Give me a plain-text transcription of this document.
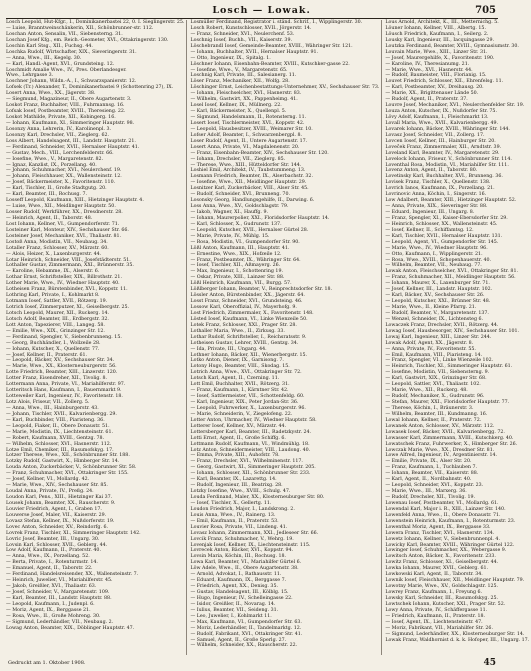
Losch — Lowak.	705
Losch Leopold, Hut-Kfgr., I., Dominikanerbastei 22, 0. I. Sieglingerstr. 25.
— Luise, Branntweinschänkerin, XII., Schönbrunner-str. 112.
Loschan Anton, Sensalin, VII., Siebensterng. 31.
Loschan Josef Kfg., em. Reich.-Geometer, XVI., Ottakringerstr. 130.
Loschin Karl Stsg., XII., Fuchsg. 44.
Loschka Rudolf, Wirtschafter, XIX., Sieveringerstr. 31.
— Anna, Wwe., III., Kegelg. 30.
— Karl, Handl.-Agent, XVI., Grundsteing. 12.
Loschmidt Amalie Wwe., IV., Pres. Oberlandesger.
Wwe., Lehrgasse 3.
Loschner Johann, Wildn.-A., I., Schwarzspanierstr. 12.
Lofsek (Tr.) Alexander, T., Dominikanerbastei 9 (Schottenring 27), IX.
Losert Anna, Wwe., XX., Jägerstr. 38.
— Siegmund, Magazineur, II., Obere Augartenstr. 3.
Loskot Franz, Buchhalter, VIII., Fuhrmannsg. 16.
Lofsak Iosef, Postbeamter, XVIII., Theresieng. 22.
Loskot Mathilde, Private, XII., Kobingerg. 16.
— Iohann, Kaufmann, XI., Simmeringer Hauptstr. 98.
Losonzy Anna, Lehrerin, IV., Karolinenpl. 3.
Losonzy Karl, Drechsler, VII., Zieglerg. 62.
Loss Albert, Handelsagent, III., Landstr. Hauptstr. 21.
— Ferdinand, Schneider, XVII., Hernalser Hauptstr. 41.
— Gustav, Mech., VIII., Lerchenfelderstr. 66.
— Iosefine, Wwe., V., Margaretenstr. 82.
— Ignaz, Kanzlist, IX., Porzellang. 40.
— Johann, Schuhmacher, XVI., Neulerchenf. 19.
— Johann, Fleischhauer, XX., Wallensteinstr. 12.
— Josef, Bäckermeister, X., Favoritenstr. 110.
— Karl, Tischler, II., Große Stadtgutg. 20.
— Karl, Beamter, III., Rochusg. 7.
Losseff Leopold, Kaufmann, XIII., Hietzinger Hauptstr. 4.
— Luise, Wwe., XII., Meidlinger Hauptstr. 50.
Losser Rudolf, Werkführer, XX., Dresdnerstr. 28.
— Heinrich, Agent, II., Taborstr. 48.
Lost Iohann, Kellner, VI., Gumpendorferstr. 71.
Losteiner Karl, Monteur, XIV., Sechshauser Str. 66.
Losteiner Josef, Mechaniker, XVI., Thaliastr. 81.
Lostoß Anna, Modistin, VII., Neubaug. 34.
Lotaller Franz, Schlosser, XV., Märzstr. 60.
— Alois, Heizer, X., Laxenburgerstr. 44.
Lotar Heinrich, Schneider, VIII., Josefstädterstr. 51.
Lothaller Gustav, Zimmermann, XXI., Brünnerstr. 35.
— Karoline, Hebamme, IX., Alserstr. 6.
Lothar Ernst, Schriftsteller, XIX., Billrothstr. 21.
Lother Marie, Wwe., IV., Wiedner Hauptstr. 40.
Lotheisen Franz, Bürstenbinder, XVI., Koppstr. 11.
Lothring Karl, Private, I., Kohlmarkt 8.
Lotmann Iosef, Sattler, XVII., Rötzerg. 19.
Lotrich Iosef, Zimmerputzer, XI., Geiselbergstr. 25.
Lotsch Leopold, Maurer, XII., Ruckerg. 14.
Lotsch Adolf, Beamter, III., Erdbergstr. 32.
Lott Anton, Tapezierer, VIII., Langeg. 58.
— Emilie, Wwe., XIX., Grinzinger Str. 12.
— Ferdinand, Spengler, V., Siebenbrunneng. 15.
— Georg, Buchhändler, I., Wollzeile 28.
— Iohann, Kutscher, X., Quellenstr. 77.
— Josef, Kellner, II., Praterstr. 61.
— Leopold, Bäcker, XV., Sechshauser Str. 34.
— Marie, Wwe., XX., Klosterneuburgerstr. 56.
Lotte Friedrich, Beamter, XIII., Linzerstr. 120.
Lotter Franz, Eisendreher, XII., Tivolig. 8.
Lottermann Anna, Private, VI., Mariahilferstr. 97.
Lotteritsch Hans, Kaufmann, I., Bauernmarkt 9.
Lotteweiler Karl, Ingenieur, IV., Favoritenstr. 18.
Lotz Alois, Friseur, VII., Zollerg. 5.
— Anna, Wwe., III., Hainburgerstr. 43.
— Johann, Tischler, XVII., Kalvarienbergg. 29.
— Karl, Buchbinder, VIII., Piaristeng. 36.
— Leopold, Fiaker, II., Obere Donaustr. 51.
— Marie, Modistin, IX., Liechtensteinstr. 61.
— Robert, Kaufmann, XVIII., Gentzg. 78.
— Wilhelm, Schlosser, XVI., Hasnerstr. 112.
Lotze Emil, Chemiker, III., Rasumofskyg. 17.
Lotzer Therese, Wwe., XII., Schönbrunner Str. 188.
Lotzky Rudolf, Gastwirt, X., Himberger Str. 14.
Louda Anton, Zuckerbäcker, V., Schönbrunner Str. 58.
— Franz, Schuhmacher, XVI., Ottakringer Str. 155.
— Josef, Kellner, VI., Mollardg. 42.
— Marie, Wwe., XIV., Sechshauser Str. 85.
Loudal Anna, Private, IV., Preßg. 24.
Loudon Karl, Pens., XIII., Hietzinger Kai 37.
Lousek Johann, Beamter, XX., Rauscherstr. 9.
Louvier Friedrich, Agent, I., Graben 17.
Louwerse Josef, Maler, VII., Kaiserstr. 29.
Lovasz Stefan, Kellner, IX., Nußdorferstr. 19.
Lovec Anton, Schneider, XV., Reindorfg. 6.
Lovrek Franz, Tischler, XI., Simmeringer Hauptstr. 142.
Lovric Josef, Beamter, III., Ungarg. 30.
Lovsin Karl, Schlosser, XVII., Geblerg. 44.
Low Adolf, Kaufmann, II., Praterstr. 40.
— Anna, Wwe., IX., Porzellang. 52.
— Berta, Private, I., Rotenturmstr. 14.
— Emanuel, Agent, II., Taborstr. 22.
— Ferdinand, Handelsreisender, XX., Wallensteinstr. 7.
— Heinrich, Juwelier, VI., Mariahilferstr. 45.
— Jakob, Greißler, XVI., Thaliastr. 63.
— Josef, Schneider, V., Margaretenstr. 109.
— Karl, Beamter, III., Landstr. Hauptstr. 88.
— Leopold, Kaufmann, I., Judenpl. 6.
— Moriz, Agent, IX., Berggasse 21.
— Rosa, Wwe., II., Große Mohreng. 30.
— Sigmund, Lederhändler, VII., Neubaug. 2.
Lowag Anton, Beamter, XIX., Döblinger Hauptstr. 47.
Losmüller Ferdinand, Registrator i. ständ. Schrif., I., Wipplingerstr. 30.
Losch Robert, Kunstschlosser, XVII., Jörgerstr. 14.
— Franz, Schneider, XVI., Neulerchenf. 53.
Loschnig Iosef, Buchh., VII., Kaiserstr. 39.
Löschebrandl Iosef, Gemeinde-Beamter, XVIII., Währinger Str. 121.
— Iohann, Buchhalter, XVII., Hernalser Hauptstr. 91.
— Otto, Ingenieur, IX., Spitalg. 1.
Löschner Iohann, Eisenbahn-Beamter, XVIII., Kutschker-gasse 22.
— Iosefine, Wwe., V., Margaretenstr. 65.
Loschnig Karl, Private, III., Salesianerg. 11.
Löser Franz, Mechaniker, XII., Wolfg. 28.
Löschinger Ernst, Leichenbestattungs-Unternehmer, XV., Sechshauser Str. 73.
— Iohann, Fleischselcher, XVI., Hasnerstr. 83.
— Wilhelm, Gastwirt, XX., Pappenheimg. 41.
Losel Iosef, Kellner, IX., Müllnerg. 22.
— Karl, Bäckermeister, X., Quellenpl. 5.
— Sigmund, Handelsmann, II., Rotensterng. 11.
Losert Iosef, Tischlermeister, XVI., Koppstr. 42.
— Leopold, Hausbesitzer, XVIII., Weimarer Str. 10.
Lofser Adolf, Beamter, I., Schwarzenbergpl. 8.
Loser Rudolf, Agent, II., Untere Augartenstr. 17.
Losert Anna, Private, VI., Magdalenenstr. 20.
— Franz, Eisenbahn-Beamter, XIV., Sechshauser Str. 120.
— Iohann, Drechsler, VII., Zieglerg. 85.
— Therese, Wwe., XIII., Hütteldorfer Str. 144.
Loshiel Emil, Architekt, IV., Taubstummeng. 13.
Losmann Friedrich, Beamter, IX., Alserbachstr. 32.
— Iosefine, Wwe., XII., Meidlinger Hauptstr. 29.
Losnitzer Karl, Zuckerbäcker, VIII., Alser Str. 45.
— Rudolf, Schneider, XVI., Brunneng. 70.
Losonsky Georg, Handlungsgehilfe, II., Darwing. 6.
Loss Anna, Wwe., XV., Goldschlagstr. 79.
— Iakob, Wagner, XI., Hauffg. 9.
— Iohann, Maurerpolier, XXI., Floridsdorfer Hauptstr. 14.
— Karl, Schlosser, X., Gudrunstr. 137.
— Leopold, Kutscher, XVII., Hernalser Gürtel 28.
— Marie, Private, IV., Mühlg. 15.
— Rosa, Modistin, VI., Gumpendorfer Str. 90.
Lößl Anton, Kaufmann, III., Hauptstr. 41.
— Ernestine, Wwe., XIX., Hofzeile 12.
— Franz, Postbeamter, IX., Währinger Str. 64.
— Iosef, Tischler, XII., Aßmayerg. 26.
— Max, Ingenieur, I., Schottenring 19.
— Oskar, Private, XIII., Lainzer Str. 88.
Lößl Heinrich, Kaufmann, VII., Burgg. 57.
Lößlberger Iohann, Beamter, V., Reinprechtsdorfer Str. 18.
Lössler Anton, Bürstenbinder, XX., Jägerstr. 64.
Losst Franz, Schneider, XVI., Grundsteing. 46.
Lossow Karl, Oberoffizial, IV., Mayerhofg. 9.
Lost Friedrich, Zimmermaler, X., Favoritenstr. 148.
Lösted Iosef, Kaufmann, VI., Linke Wienzeile 50.
Lotek Franz, Schlosser, XXI., Prager Str. 28.
Lothaller Maria, Wwe., II., Zirkusg. 33.
Lothar Rudolf, Schriftsteller, I., Reichsratsstr. 9.
Lotheisen Gustav, Lehrer, XVIII., Gentzg. 34.
— Ida, Private, III., Ungarg. 44.
Lothner Iohann, Bäcker, XII., Wienerbergstr. 15.
Lotko Anton, Diener, IX., Garnisong. 7.
Lotony Hugo, Beamter, VIII., Skodag. 15.
Lotrich Anna, Wwe., XVI., Ottakringer Str. 72.
Lotsch Karl, Agent, II., Czerning. 11.
Lott Emil, Buchhalter, XVII., Rötzerg. 31.
— Franz, Kaufmann, I., Kärntner Str. 42.
— Iosef, Sattlermeister, VII., Schottenfeldg. 60.
— Karl, Ingenieur, XIX., Peter Jordan-Str. 36.
— Leopold, Fuhrwerker, X., Laxenburgerstr. 96.
— Marie, Schneiderin, V., Ziegelofeng. 22.
Lotter Anton, Uhrmacher, IV., Wiedner Hauptstr. 58.
Lotterer Iosef, Kellner, XV., Märzstr. 44.
Lottersberger Karl, Beamter, III., Radetzkystr. 24.
Lotti Ernst, Agent, II., Große Schiffg. 6.
Lottmann Rudolf, Kaufmann, VI., Windmühlg. 18.
Lotz Anton, Schneidermeister, VIII., Laudong. 40.
— Emma, Private, XIII., Auhofstr. 78.
— Franz, Drechsler, XVI., Wilhelminenstr. 117.
— Georg, Gastwirt, XI., Simmeringer Hauptstr. 205.
— Iohann, Schlosser, XII., Schönbrunner Str. 233.
— Karl, Beamter, IX., Lazarettg. 14.
— Rudolf, Ingenieur, III., Beatrixg. 28.
Lotzky Iosefine, Wwe., XVIII., Schulg. 47.
Louda Ferdinand, Maler, XX., Klosterneuburger Str. 80.
— Iosef, Tischler, X., Gellertg. 11.
Loudon Friedrich, Major, I., Landskrong. 2.
Louis Anna, Wwe., IV., Rainerg. 13.
— Emil, Kaufmann, II., Praterstr. 53.
Louvier Rosa, Private, VII., Lindeng. 41.
Lovasz Iohann, Zimmermann, XXI., Jedleseer Str. 66.
Lovcik Franz, Schuhmacher, V., Wehrg. 19.
Lovenjak Iosef, Kellner, IX., Liechtensteinstr. 115.
Lovrecek Anton, Bäcker, XVI., Koppstr. 94.
Lovsin Maria, Köchin, III., Rochusg. 18.
Lowa Karl, Beamter, VI., Mariahilfer Gürtel 6.
Löw Adele, Wwe., II., Obere Augartenstr. 38.
— Arnold, Advokat, I., Rathausstr. 11.
— Eduard, Kaufmann, IX., Berggasse 7.
— Friedrich, Agent, XX., Denisg. 35.
— Gustav, Handelsagent, III., Kölblg. 15.
— Hugo, Ingenieur, IV., Schelleingasse 22.
— Isidor, Greißler, II., Novarag. 14.
— Iulius, Beamter, VII., Seideng. 31.
— Leo, Juwelier, I., Kohlmarkt 11.
— Max, Kaufmann, VI., Gumpendorfer Str. 63.
— Moriz, Lederhändler, II., Tandelmarktg. 12.
— Rudolf, Fabrikant, XVI., Ottakringer Str. 41.
— Samuel, Agent, II., Große Sperlg. 27.
— Wilhelm, Schneider, XX., Rauscherstr. 22.
Lous Arnold, Architekt, K., III., Metternichg. 5.
Löuner Iohann, Kellner, VIII., Albertg. 15.
Löusch Friedrich, Kaufmann, I., Seilerg. 2.
Lousky Karl, Ingenieur, III., Iacquingasse 29.
Loutzka Ferdinand, Beamter, XVIII., Gymnasiumstr. 30.
Louvain Marie, Wwe., XIII., Linzer Str. 31.
— Josef, Maurergehilfe, X., Favoritenstr. 190.
— Karoline, IV., Theresianumg. 21.
— Marie, Wwe., XVI., Hasnerstr. 44.
— Rudolf, Baumeister, VIII., Florianig. 15.
Louvet Friedrich, Schlosser, XII., Ehrenfelsg. 11.
— Karl, Postbeamter, XV., Dreihausg. 20.
— Marie, XX., Brigittenauer Lände 50.
— Rudolf, Agent, II., Praterstr. 37.
Louvre Josef, Mechaniker, XVI., Neulerchenfelder Str. 19.
Louza Anton, Kutscher, IX., Nußdorfer Str. 75.
Lövy Adolf, Kaufmann, I., Fleischmarkt 13.
Lovall Maria, Wwe., XVII., Kalvarienbergg. 49.
Lovarek Iohann, Bäcker, XVIII., Währinger Str. 144.
Lovasz Josef, Schneider, VII., Zollerg. 17.
Lovcen Iosef, Kellner, III., Hainburger Str. 20.
Loveček Franz, Zimmermaler, XII., Arndtstr. 39.
Loveland Karl, Beamter, IV., Margaretenstr. 29.
Lovelock Iohann, Friseur, V., Schönbrunner Str. 114.
Loventhal Rosa, Modistin, VI., Mariahilfer Str. 111.
Lovenz Anton, Agent, II., Taborstr. 80.
Lovetinsky Karl, Buchhalter, XVI., Brunneng. 36.
Lovisek Franz, Tischler, X., Quellenstr. 138.
Lovrich Ianos, Kaufmann, IX., Porzellang. 21.
Lovrinovic Anna, Köchin, I., Singerstr. 16.
Low Adalbert, Beamter, XIII., Hietzinger Hauptstr. 52.
— Anna, Private, XIX., Sieveringer Str. 88.
— Eduard, Ingenieur, III., Ungarg. 8.
— Franz, Spengler, XI., Kaiser-Ebersdorfer Str. 29.
— Heinrich, Schlosser, XX., Wallensteinstr. 45.
— Iosef, Kellner, II., Schiffamtsg. 12.
— Karl, Tischler, XVII., Hernalser Hauptstr. 131.
— Leopold, Agent, VI., Gumpendorfer Str. 145.
— Marie, Wwe., IV., Wiedner Hauptstr. 96.
— Otto, Kaufmann, I., Wipplingerstr. 21.
— Rosa, Wwe., XVIII., Schopenhauerstr. 40.
— Wilhelm, Beamter, VII., Neubaug. 77.
Lowak Anton, Fleischselcher, XVI., Ottakringer Str. 81.
— Franz, Schuhmacher, XII., Meidlinger Hauptstr. 56.
— Iohann, Maurer, X., Laxenburger Str. 71.
— Josef, Kellner, III., Landstr. Hauptstr. 102.
— Karl, Bäcker, XV., Sechshauser Str. 26.
— Leopold, Kutscher, XXI., Brünner Str. 48.
— Marie, Wwe., II., Kleine Pfarrg. 21.
— Rudolf, Beamter, V., Margaretenstr. 137.
— Wenzel, Schneider, IX., Lichtensteg 6.
Lowaczek Franz, Drechsler, XVII., Rötzerg. 44.
Lowag Iosef, Hausbesorger, XIV., Sechshauser Str. 101.
Lowaj Karl, Ingenieur, XIII., Linzer Str. 244.
Lowak Adolf, Agent, XX., Jägerstr. 8.
— Anna, Private, IV., Favoritenstr. 55.
— Emil, Kaufmann, VIII., Piaristeng. 14.
— Franz, Spengler, VI., Linke Wienzeile 102.
— Heinrich, Tischler, XI., Simmeringer Hauptstr. 61.
— Iosefine, Modistin, VII., Siebensterng. 9.
— Karl, Gastwirt, XIX., Grinzinger Str. 68.
— Leopold, Sattler, XVI., Thaliastr. 102.
— Marie, Wwe., XII., Ruckerg. 48.
— Rudolf, Mechaniker, X., Gudrunstr. 96.
— Stefan, Maurer, XXI., Floridsdorfer Hauptstr. 77.
— Therese, Köchin, I., Bräunerstr. 3.
— Wilhelm, Beamter, III., Kundmanng. 16.
Lowal Iohann, Kellner, II., Praterstr. 72.
Lowanek Anton, Schlosser, XV., Märzstr. 112.
Lowasek Iosef, Bäcker, XVII., Kalvarienbergg. 72.
Lowasser Karl, Zimmermann, XVIII., Kutschkerg. 40.
Lowatschek Franz, Fuhrwerker, X., Himberger Str. 26.
Lowczak Marie, Wwe., XX., Dresdner Str. 81.
Lowe Alfred, Ingenieur, IV., Argentinierstr. 14.
— Emilie, Private, IX., Alser Str. 20.
— Franz, Kaufmann, I., Tuchlauben 7.
— Iohann, Beamter, VII., Kaiserstr. 88.
— Karl, Agent, II., Nordbahnstr. 40.
— Leopold, Schneider, XVI., Koppstr. 23.
— Marie, Wwe., III., Marxerg. 36.
— Rudolf, Drechsler, XII., Tivolig. 19.
Lowenau Iosef, Postbeamter, VI., Mollardg. 61.
Lowendal Karl, Major i. R., XIII., Lainzer Str. 140.
Lowenfeld Anna, Wwe., II., Obere Donaustr. 71.
Lowenstein Heinrich, Kaufmann, I., Rotenturmstr. 23.
Lowenthal Moriz, Agent, IX., Berggasse 33.
Lowera Franz, Tischler, XVI., Hasnerstr. 134.
Lowetz Iohann, Kellner, V., Siebenbrunnenpl. 4.
Lowicky Karl, Beamter, XVIII., Währinger Gürtel 122.
Lowinger Iosef, Schuhmacher, XX., Webergasse 9.
Lowitsch Anton, Bäcker, X., Favoritenstr. 233.
Lowitz Franz, Schlosser, XI., Geiselbergstr. 44.
Lowka Iohann, Maurer, XVII., Geblerg. 61.
Lowkowski Karl, Agent, II., Taborstr. 34.
Lownik Iosef, Fleischhauer, XII., Meidlinger Hauptstr. 79.
Lowotny Marie, Wwe., XV., Goldschlagstr. 125.
Lowrey Franz, Kaufmann, I., Freyung 6.
Lowsky Karl, Schneider, III., Rasumofskyg. 25.
Lowtschek Iohann, Kutscher, XXI., Prager Str. 52.
Lowy Anna, Private, IV., Schäffergasse 11.
— Friedrich, Kaufmann, II., Praterstr. 18.
— Iosef, Agent, IX., Liechtensteinstr. 47.
— Moriz, Fabrikant, VII., Mariahilfer Str. 26.
— Sigmund, Lederhändler, XX., Klosterneuburger Str. 14.
Lowak Franz, Waldhornist d. k. k. Hofoper, III., Ungarg. 17.
Gedruckt am 1. Oktober 1908.	45
